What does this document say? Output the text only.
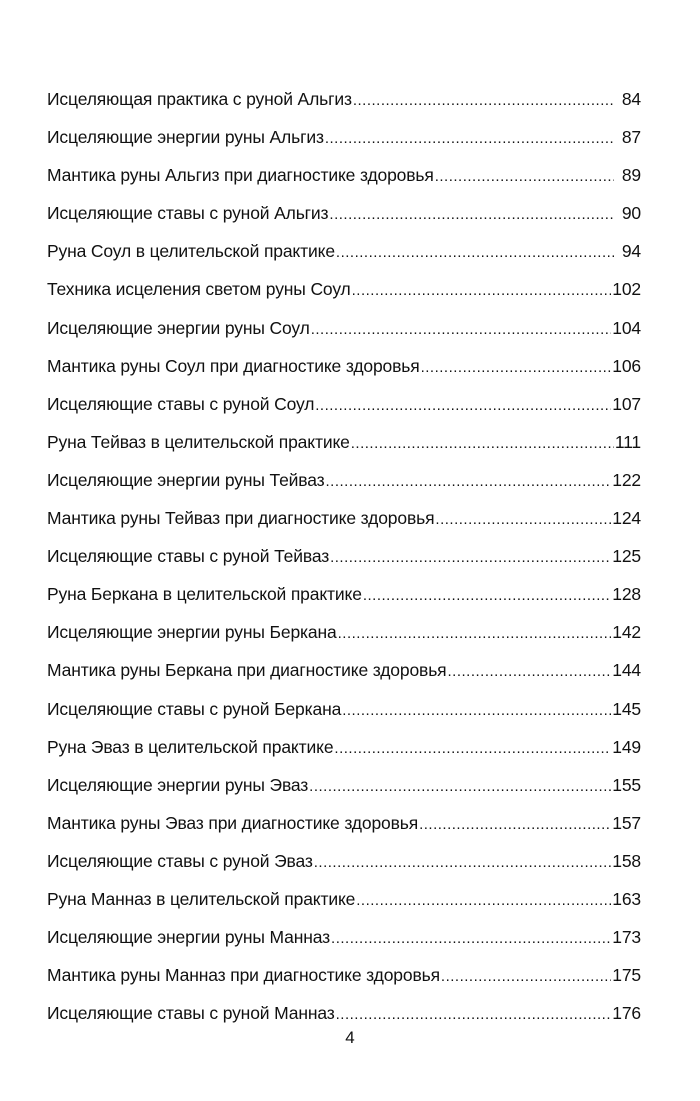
Исцеляющая практика с руной Альгиз .....	84
Исцеляющие энергии руны Альгиз .....	87
Мантика руны Альгиз при диагностике здоровья .....	89
Исцеляющие ставы с руной Альгиз .....	90
Руна Соул в целительской практике .....	94
Техника исцеления светом руны Соул .....	102
Исцеляющие энергии руны Соул .....	104
Мантика руны Соул при диагностике здоровья .....	106
Исцеляющие ставы с руной Соул .....	107
Руна Тейваз в целительской практике .....	111
Исцеляющие энергии руны Тейваз .....	122
Мантика руны Тейваз при диагностике здоровья .....	124
Исцеляющие ставы с руной Тейваз .....	125
Руна Беркана в целительской практике .....	128
Исцеляющие энергии руны Беркана .....	142
Мантика руны Беркана при диагностике здоровья .....	144
Исцеляющие ставы с руной Беркана .....	145
Руна Эваз в целительской практике .....	149
Исцеляющие энергии руны Эваз .....	155
Мантика руны Эваз при диагностике здоровья .....	157
Исцеляющие ставы с руной Эваз .....	158
Руна Манназ в целительской практике .....	163
Исцеляющие энергии руны Манназ .....	173
Мантика руны Манназ при диагностике здоровья .....	175
Исцеляющие ставы с руной Манназ .....	176
4
